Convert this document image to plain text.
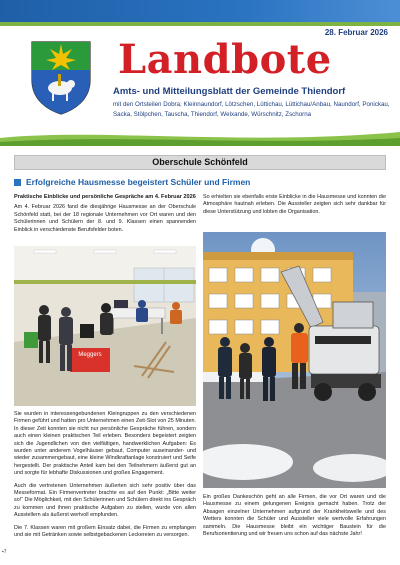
28. Februar 2026
Landbote
Amts- und Mitteilungsblatt der Gemeinde Thiendorf
mit den Ortsteilen Dobra, Kleinnaundorf, Lötzschen, Lüttichau, Lüttichau/Anbau, Naundorf, Ponickau, Sacka, Stölpchen, Tauscha, Thiendorf, Welxande, Würschnitz, Zschorna
Oberschule Schönfeld
Erfolgreiche Hausmesse begeistert Schüler und Firmen
Praktische Einblicke und persönliche Gespräche am 4. Februar 2026

Am 4. Februar 2026 fand die diesjährige Hausmesse an der Oberschule Schönfeld statt, bei der 18 regionale Unternehmen vor Ort waren und den Schülerinnen und Schülern der 8. und 9. Klassen einen spannenden Einblick in verschiedenste Berufsfelder boten.

Meggers

So erhielten sie ebenfalls erste Einblicke in die Hausmesse und konnten die Atmosphäre hautnah erleben. Die Aussteller zeigten sich sehr dankbar für diese Unterstützung und lobten die Organisation.

Sie wurden in interessengebundenen Kleingruppen zu den verschiedenen Firmen geführt und hatten pro Unternehmen einen Zeit-Slot von 25 Minuten. In dieser Zeit konnten sie nicht nur persönliche Gespräche führen, sondern auch einen kleinen praktischen Teil erleben. Besonders begeistert zeigten sich die Jugendlichen von den vielfältigen, handwerklichen Aufgaben: Es wurden unter anderem Vogelhäuser gebaut, Computer auseinander- und wieder zusammengebaut, eine kleine Windkraftanlage konstruiert und Seife hergestellt. Der praktische Anteil kam bei den Teilnehmern äußerst gut an und sorgte für lebhafte Diskussionen und großes Engagement.

Auch die vertretenen Unternehmen äußerten sich sehr positiv über das Messeformat. Ein Firmenvertreter brachte es auf den Punkt: „Bitte weiter so!“ Die Möglichkeit, mit den Schülerinnen und Schülern direkt ins Gespräch zu kommen und ihnen praktische Aufgaben zu stellen, wurde von allen Ausstellern als äußerst wertvoll empfunden.

Die 7. Klassen waren mit großem Einsatz dabei, die Firmen zu empfangen und sie mit Getränken sowie selbstgebackenen Leckereien zu versorgen.

Ein großes Dankeschön geht an alle Firmen, die vor Ort waren und die Hausmesse zu einem gelungenen Ereignis gemacht haben. Trotz der Absagen einzelner Unternehmen aufgrund der Krankheitswelle und des Wetters konnten die Schüler und Aussteller viele wertvolle Erfahrungen sammeln. Die Hausmesse bleibt ein wichtiger Baustein für die Berufsorientierung und wir freuen uns schon auf das nächste Jahr!

▪7
